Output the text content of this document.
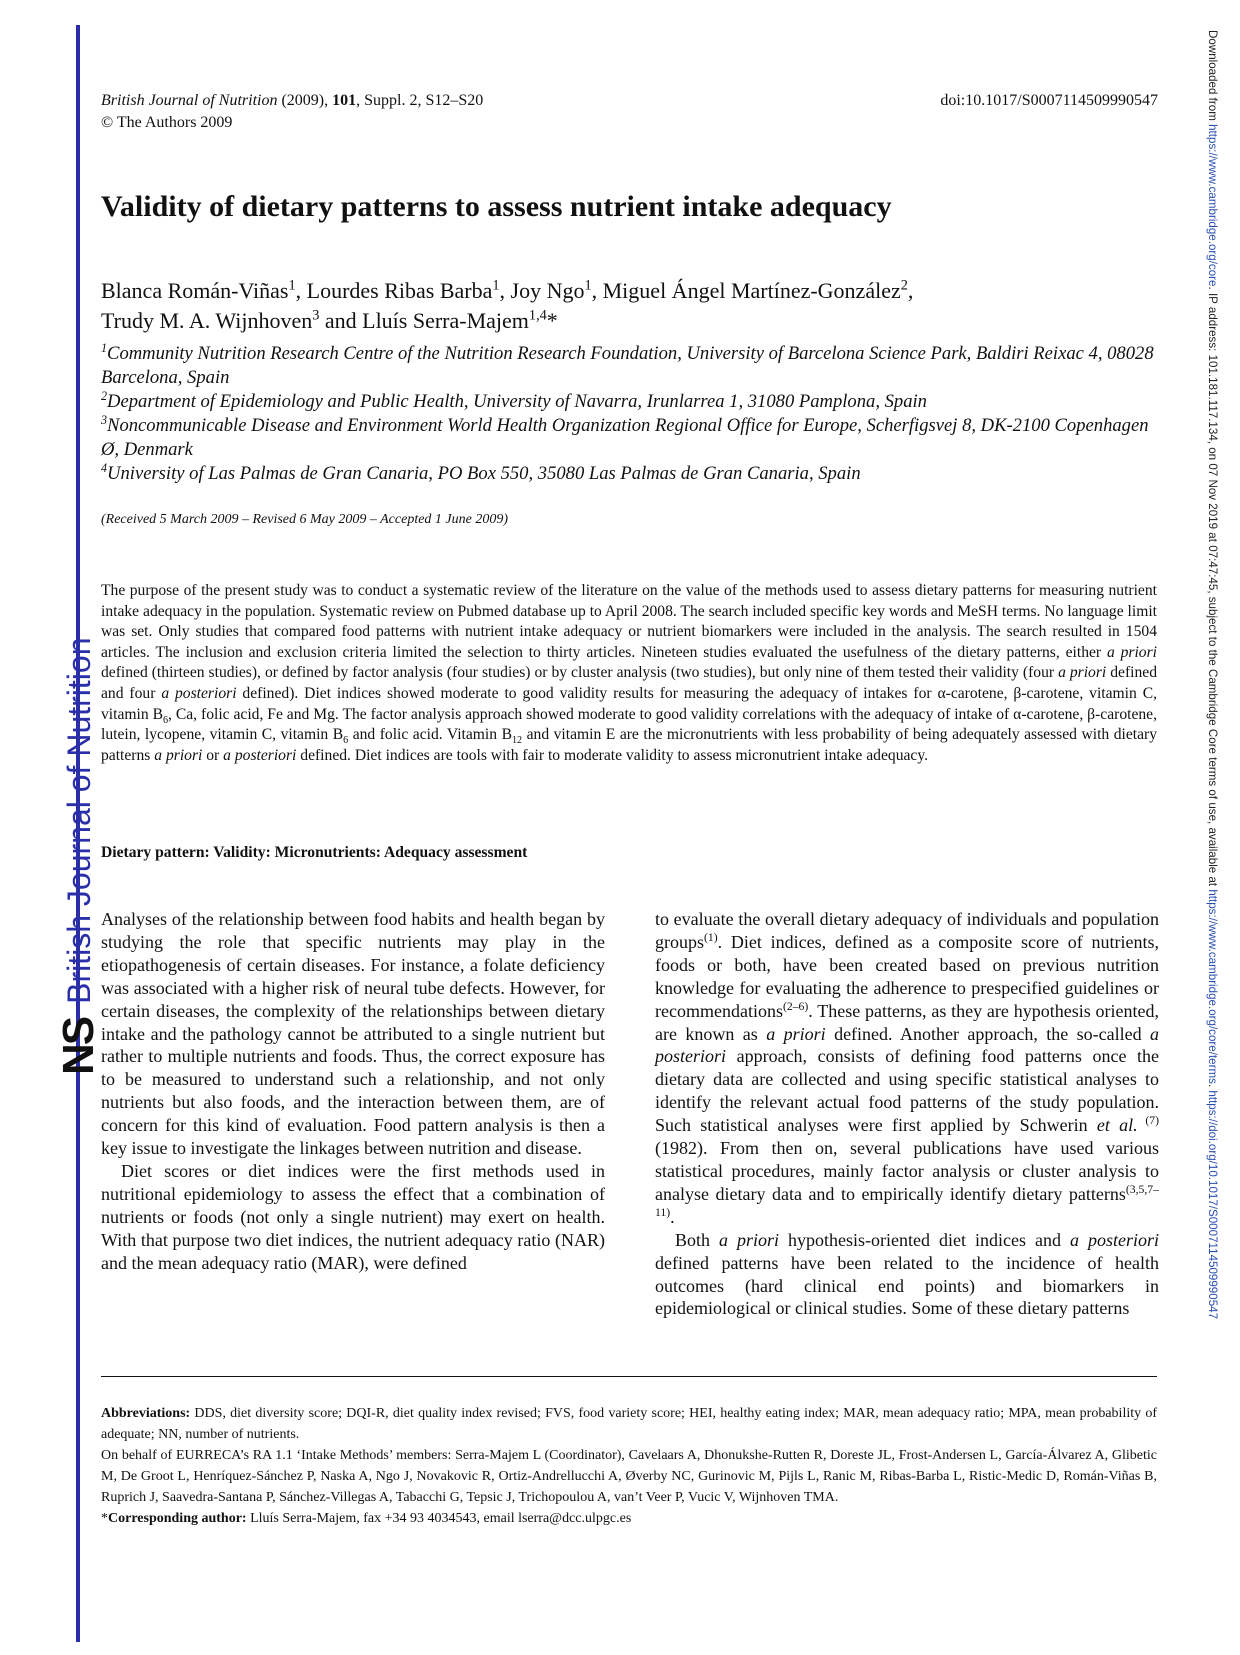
NS
British Journal of Nutrition
Downloaded from https://www.cambridge.org/core. IP address: 101.181.117.134, on 07 Nov 2019 at 07:47:45, subject to the Cambridge Core terms of use, available at https://www.cambridge.org/core/terms. https://doi.org/10.1017/S0007114509990547
British Journal of Nutrition (2009), 101, Suppl. 2, S12–S20
© The Authors 2009
doi:10.1017/S0007114509990547
Validity of dietary patterns to assess nutrient intake adequacy
Blanca Román-Viñas$^1$, Lourdes Ribas Barba$^1$, Joy Ngo$^1$, Miguel Ángel Martínez-González$^2$,
Trudy M. A. Wijnhoven$^3$ and Lluís Serra-Majem$^{1,4}$*

$^1$Community Nutrition Research Centre of the Nutrition Research Foundation, University of Barcelona Science Park, Baldiri Reixac 4, 08028 Barcelona, Spain

$^2$Department of Epidemiology and Public Health, University of Navarra, Irunlarrea 1, 31080 Pamplona, Spain

$^3$Noncommunicable Disease and Environment World Health Organization Regional Office for Europe, Scherfigsvej 8, DK-2100 Copenhagen Ø, Denmark

$^4$University of Las Palmas de Gran Canaria, PO Box 550, 35080 Las Palmas de Gran Canaria, Spain

(Received 5 March 2009 – Revised 6 May 2009 – Accepted 1 June 2009)
The purpose of the present study was to conduct a systematic review of the literature on the value of the methods used to assess dietary patterns for measuring nutrient intake adequacy in the population. Systematic review on Pubmed database up to April 2008. The search included specific key words and MeSH terms. No language limit was set. Only studies that compared food patterns with nutrient intake adequacy or nutrient biomarkers were included in the analysis. The search resulted in 1504 articles. The inclusion and exclusion criteria limited the selection to thirty articles. Nineteen studies evaluated the usefulness of the dietary patterns, either a priori defined (thirteen studies), or defined by factor analysis (four studies) or by cluster analysis (two studies), but only nine of them tested their validity (four a priori defined and four a posteriori defined). Diet indices showed moderate to good validity results for measuring the adequacy of intakes for α-carotene, β-carotene, vitamin C, vitamin $B_6$, Ca, folic acid, Fe and Mg. The factor analysis approach showed moderate to good validity correlations with the adequacy of intake of α-carotene, β-carotene, lutein, lycopene, vitamin C, vitamin $B_6$ and folic acid. Vitamin $B_{12}$ and vitamin E are the micronutrients with less probability of being adequately assessed with dietary patterns a priori or a posteriori defined. Diet indices are tools with fair to moderate validity to assess micronutrient intake adequacy.
Dietary pattern: Validity: Micronutrients: Adequacy assessment

Analyses of the relationship between food habits and health began by studying the role that specific nutrients may play in the etiopathogenesis of certain diseases. For instance, a folate deficiency was associated with a higher risk of neural tube defects. However, for certain diseases, the complexity of the relationships between dietary intake and the pathology cannot be attributed to a single nutrient but rather to multiple nutrients and foods. Thus, the correct exposure has to be measured to understand such a relationship, and not only nutrients but also foods, and the interaction between them, are of concern for this kind of evaluation. Food pattern analysis is then a key issue to investigate the linkages between nutrition and disease.

Diet scores or diet indices were the first methods used in nutritional epidemiology to assess the effect that a combination of nutrients or foods (not only a single nutrient) may exert on health. With that purpose two diet indices, the nutrient adequacy ratio (NAR) and the mean adequacy ratio (MAR), were defined

to evaluate the overall dietary adequacy of individuals and population groups$^{(1)}$. Diet indices, defined as a composite score of nutrients, foods or both, have been created based on previous nutrition knowledge for evaluating the adherence to prespecified guidelines or recommendations$^{(2-6)}$. These patterns, as they are hypothesis oriented, are known as a priori defined. Another approach, the so-called a posteriori approach, consists of defining food patterns once the dietary data are collected and using specific statistical analyses to identify the relevant actual food patterns of the study population. Such statistical analyses were first applied by Schwerin et al. $^{(7)}$ (1982). From then on, several publications have used various statistical procedures, mainly factor analysis or cluster analysis to analyse dietary data and to empirically identify dietary patterns$^{(3,5,7-11)}$.

Both a priori hypothesis-oriented diet indices and a posteriori defined patterns have been related to the incidence of health outcomes (hard clinical end points) and biomarkers in epidemiological or clinical studies. Some of these dietary patterns

Abbreviations: DDS, diet diversity score; DQI-R, diet quality index revised; FVS, food variety score; HEI, healthy eating index; MAR, mean adequacy ratio; MPA, mean probability of adequate; NN, number of nutrients.

On behalf of EURRECA’s RA 1.1 ‘Intake Methods’ members: Serra-Majem L (Coordinator), Cavelaars A, Dhonukshe-Rutten R, Doreste JL, Frost-Andersen L, García-Álvarez A, Glibetic M, De Groot L, Henríquez-Sánchez P, Naska A, Ngo J, Novakovic R, Ortiz-Andrellucchi A, Øverby NC, Gurinovic M, Pijls L, Ranic M, Ribas-Barba L, Ristic-Medic D, Román-Viñas B, Ruprich J, Saavedra-Santana P, Sánchez-Villegas A, Tabacchi G, Tepsic J, Trichopoulou A, van’t Veer P, Vucic V, Wijnhoven TMA.

*Corresponding author: Lluís Serra-Majem, fax +34 93 4034543, email lserra@dcc.ulpgc.es
